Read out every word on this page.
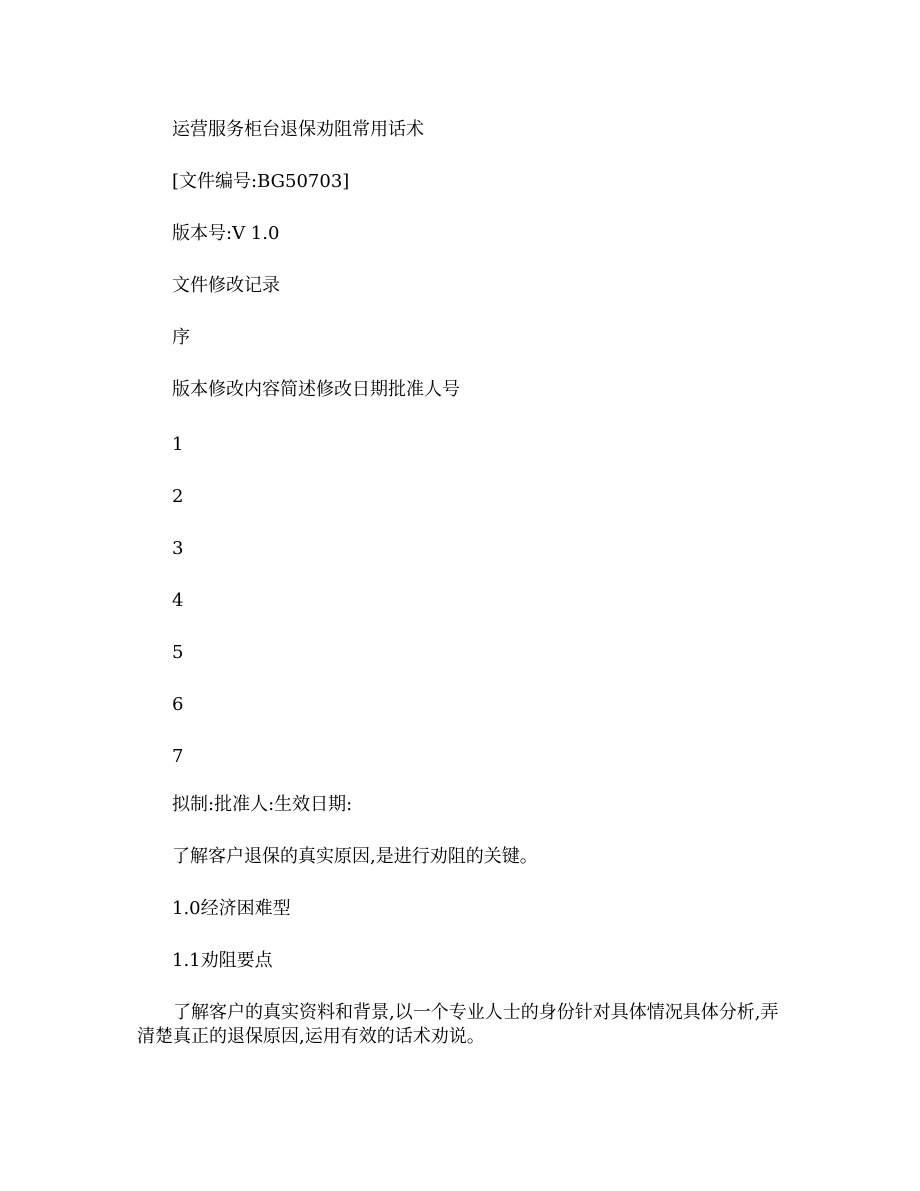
运营服务柜台退保劝阻常用话术
[文件编号:BG50703]
版本号:V 1.0
文件修改记录
序
版本修改内容简述修改日期批准人号
1
2
3
4
5
6
7
拟制:批准人:生效日期:
了解客户退保的真实原因,是进行劝阻的关键。
1.0经济困难型
1.1劝阻要点

了解客户的真实资料和背景,以一个专业人士的身份针对具体情况具体分析,弄清楚真正的退保原因,运用有效的话术劝说。
